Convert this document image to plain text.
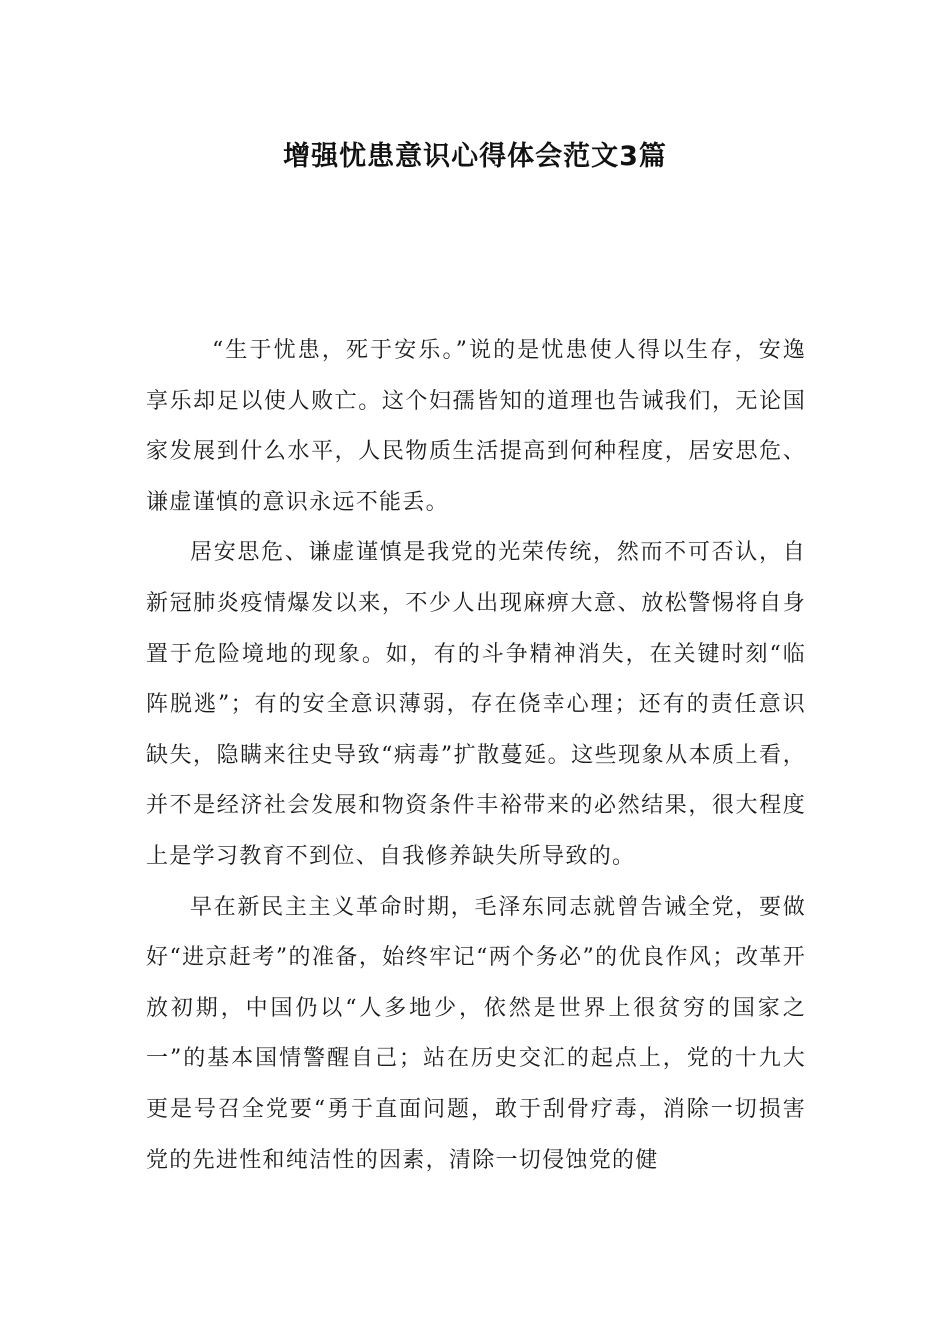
增强忧患意识心得体会范文3篇

“生于忧患，死于安乐。”说的是忧患使人得以生存，安逸享乐却足以使人败亡。这个妇孺皆知的道理也告诫我们，无论国家发展到什么水平，人民物质生活提高到何种程度，居安思危、谦虚谨慎的意识永远不能丢。

居安思危、谦虚谨慎是我党的光荣传统，然而不可否认，自新冠肺炎疫情爆发以来，不少人出现麻痹大意、放松警惕将自身置于危险境地的现象。如，有的斗争精神消失，在关键时刻“临阵脱逃”；有的安全意识薄弱，存在侥幸心理；还有的责任意识缺失，隐瞒来往史导致“病毒”扩散蔓延。这些现象从本质上看，并不是经济社会发展和物资条件丰裕带来的必然结果，很大程度上是学习教育不到位、自我修养缺失所导致的。

早在新民主主义革命时期，毛泽东同志就曾告诫全党，要做好“进京赶考”的准备，始终牢记“两个务必”的优良作风；改革开放初期，中国仍以“人多地少，依然是世界上很贫穷的国家之一”的基本国情警醒自己；站在历史交汇的起点上，党的十九大更是号召全党要“勇于直面问题，敢于刮骨疗毒，消除一切损害党的先进性和纯洁性的因素，清除一切侵蚀党的健
